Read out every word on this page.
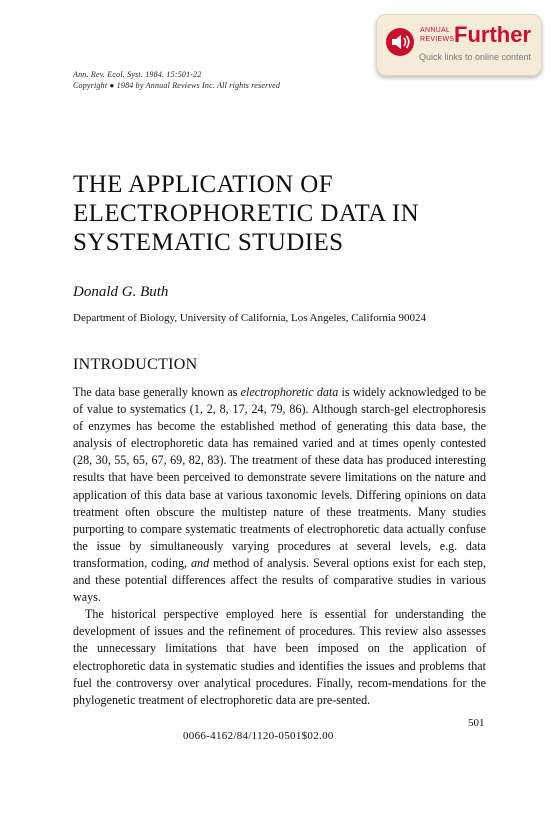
ANNUAL
REVIEWS Further
Quick links to online content
Ann. Rev. Ecol. Syst. 1984. 15:501-22
Copyright ● 1984 by Annual Reviews Inc. All rights reserved
THE APPLICATION OF
ELECTROPHORETIC DATA IN
SYSTEMATIC STUDIES
Donald G. Buth
Department of Biology, University of California, Los Angeles, California 90024
INTRODUCTION

The data base generally known as electrophoretic data is widely acknowledged to be of value to systematics (1, 2, 8, 17, 24, 79, 86). Although starch-gel electrophoresis of enzymes has become the established method of generating this data base, the analysis of electrophoretic data has remained varied and at times openly contested (28, 30, 55, 65, 67, 69, 82, 83). The treatment of these data has produced interesting results that have been perceived to demonstrate severe limitations on the nature and application of this data base at various taxonomic levels. Differing opinions on data treatment often obscure the multistep nature of these treatments. Many studies purporting to compare systematic treatments of electrophoretic data actually confuse the issue by simultaneously varying procedures at several levels, e.g. data transformation, coding, and method of analysis. Several options exist for each step, and these potential differences affect the results of comparative studies in various ways.

The historical perspective employed here is essential for understanding the development of issues and the refinement of procedures. This review also assesses the unnecessary limitations that have been imposed on the application of electrophoretic data in systematic studies and identifies the issues and problems that fuel the controversy over analytical procedures. Finally, recom-mendations for the phylogenetic treatment of electrophoretic data are pre-sented.

501
0066-4162/84/1120-0501$02.00
